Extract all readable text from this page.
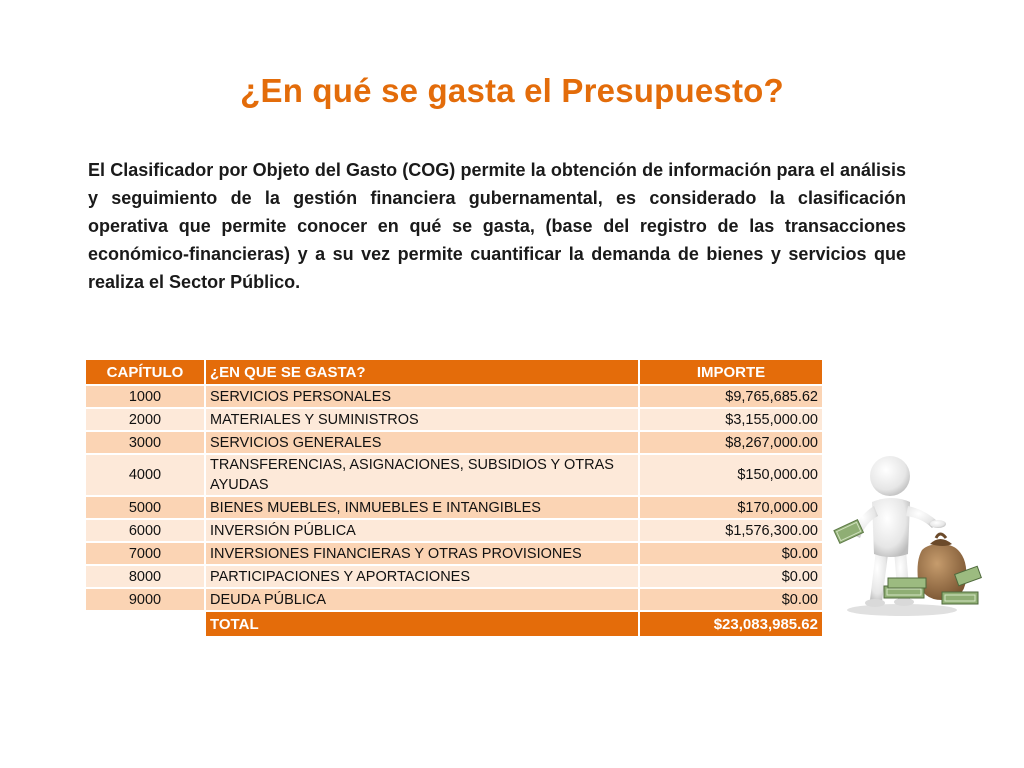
¿En qué se gasta el Presupuesto?
El Clasificador por Objeto del Gasto (COG) permite la obtención de información para el análisis y seguimiento de la gestión financiera gubernamental, es considerado la clasificación operativa que permite conocer en qué se gasta, (base del registro de las transacciones económico-financieras) y a su vez permite cuantificar la demanda de bienes y servicios que realiza el Sector Público.
CAPÍTULO	¿EN QUE SE GASTA?	IMPORTE
1000	SERVICIOS PERSONALES	$9,765,685.62
2000	MATERIALES Y SUMINISTROS	$3,155,000.00
3000	SERVICIOS GENERALES	$8,267,000.00
4000	TRANSFERENCIAS, ASIGNACIONES, SUBSIDIOS Y OTRAS AYUDAS	$150,000.00
5000	BIENES MUEBLES, INMUEBLES E INTANGIBLES	$170,000.00
6000	INVERSIÓN PÚBLICA	$1,576,300.00
7000	INVERSIONES FINANCIERAS Y OTRAS PROVISIONES	$0.00
8000	PARTICIPACIONES Y APORTACIONES	$0.00
9000	DEUDA PÚBLICA	$0.00
	TOTAL	$23,083,985.62
